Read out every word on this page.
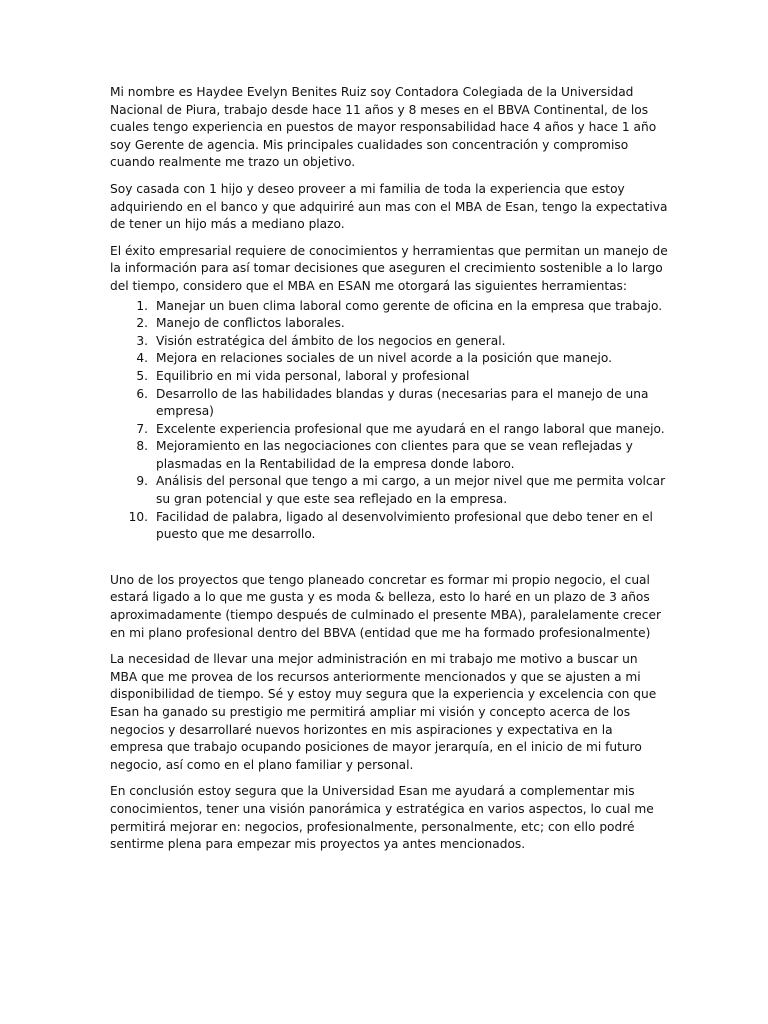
Mi nombre es Haydee Evelyn Benites Ruiz soy Contadora Colegiada de la Universidad Nacional de Piura, trabajo desde hace 11 años y 8 meses en el BBVA Continental, de los cuales tengo experiencia en puestos de mayor responsabilidad hace 4 años y hace 1 año soy Gerente de agencia. Mis principales cualidades son concentración y compromiso cuando realmente me trazo un objetivo.

Soy casada con 1 hijo y deseo proveer a mi familia de toda la experiencia que estoy adquiriendo en el banco y que adquiriré aun mas con el MBA de Esan, tengo la expectativa de tener un hijo más a mediano plazo.

El éxito empresarial requiere de conocimientos y herramientas que permitan un manejo de la información para así tomar decisiones que aseguren el crecimiento sostenible a lo largo del tiempo, considero que el MBA en ESAN me otorgará las siguientes herramientas:

1. Manejar un buen clima laboral como gerente de oficina en la empresa que trabajo.
2. Manejo de conflictos laborales.
3. Visión estratégica del ámbito de los negocios en general.
4. Mejora en relaciones sociales de un nivel acorde a la posición que manejo.
5. Equilibrio en mi vida personal, laboral y profesional
6. Desarrollo de las habilidades blandas y duras (necesarias para el manejo de una empresa)
7. Excelente experiencia profesional que me ayudará en el rango laboral que manejo.
8. Mejoramiento en las negociaciones con clientes para que se vean reflejadas y plasmadas en la Rentabilidad de la empresa donde laboro.
9. Análisis del personal que tengo a mi cargo, a un mejor nivel que me permita volcar su gran potencial y que este sea reflejado en la empresa.
10. Facilidad de palabra, ligado al desenvolvimiento profesional que debo tener en el puesto que me desarrollo.

Uno de los proyectos que tengo planeado concretar es formar mi propio negocio, el cual estará ligado a lo que me gusta y es moda & belleza, esto lo haré en un plazo de 3 años aproximadamente (tiempo después de culminado el presente MBA), paralelamente crecer en mi plano profesional dentro del BBVA (entidad que me ha formado profesionalmente)

La necesidad de llevar una mejor administración en mi trabajo me motivo a buscar un MBA que me provea de los recursos anteriormente mencionados y que se ajusten a mi disponibilidad de tiempo. Sé y estoy muy segura que la experiencia y excelencia con que Esan ha ganado su prestigio me permitirá ampliar mi visión y concepto acerca de los negocios y desarrollaré nuevos horizontes en mis aspiraciones y expectativa en la empresa que trabajo ocupando posiciones de mayor jerarquía, en el inicio de mi futuro negocio, así como en el plano familiar y personal.

En conclusión estoy segura que la Universidad Esan me ayudará a complementar mis conocimientos, tener una visión panorámica y estratégica en varios aspectos, lo cual me permitirá mejorar en: negocios, profesionalmente, personalmente, etc; con ello podré sentirme plena para empezar mis proyectos ya antes mencionados.
